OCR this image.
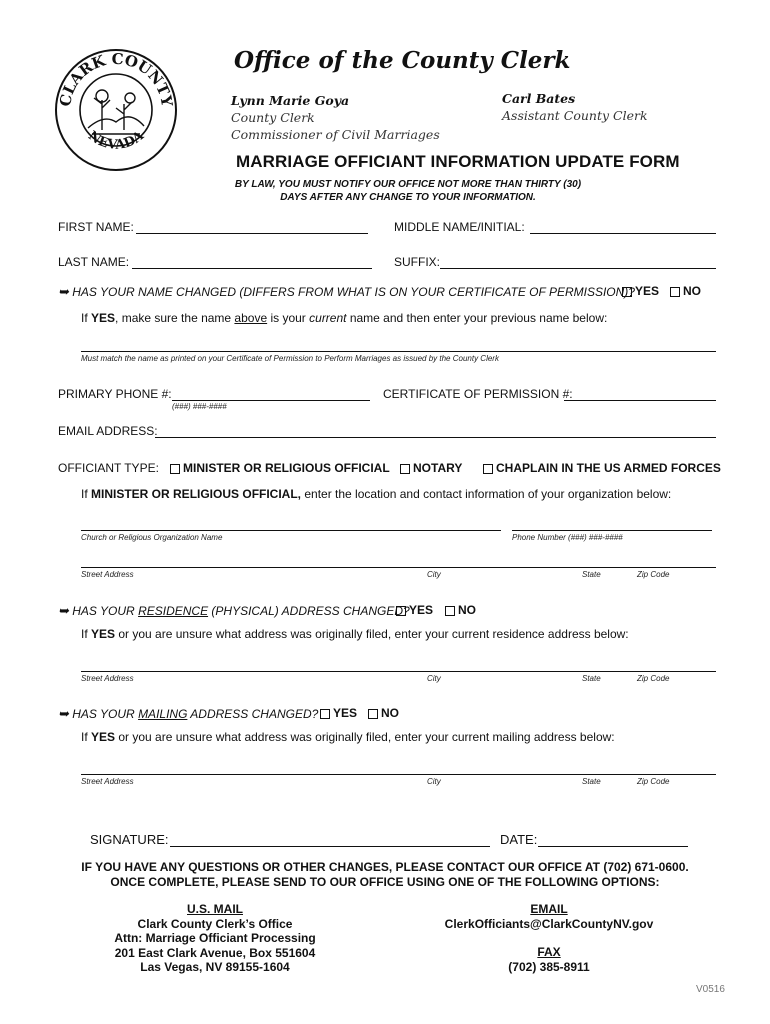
CLARK COUNTY
NEVADA
Office of the County Clerk
Lynn Marie Goya
County Clerk
Commissioner of Civil Marriages
Carl Bates
Assistant County Clerk
MARRIAGE OFFICIANT INFORMATION UPDATE FORM
BY LAW, YOU MUST NOTIFY OUR OFFICE NOT MORE THAN THIRTY (30)
DAYS AFTER ANY CHANGE TO YOUR INFORMATION.
FIRST NAME:	MIDDLE NAME/INITIAL:
LAST NAME:	SUFFIX:
➥ HAS YOUR NAME CHANGED (DIFFERS FROM WHAT IS ON YOUR CERTIFICATE OF PERMISSION)? YES	NO
If YES, make sure the name above is your current name and then enter your previous name below:
Must match the name as printed on your Certificate of Permission to Perform Marriages as issued by the County Clerk
PRIMARY PHONE #:
(###) ###-####
CERTIFICATE OF PERMISSION #:
EMAIL ADDRESS:
OFFICIANT TYPE:	MINISTER OR RELIGIOUS OFFICIAL	NOTARY	CHAPLAIN IN THE US ARMED FORCES
If MINISTER OR RELIGIOUS OFFICIAL, enter the location and contact information of your organization below:
Church or Religious Organization Name	Phone Number (###) ###-####
Street Address	City	State	Zip Code
➥ HAS YOUR RESIDENCE (PHYSICAL) ADDRESS CHANGED? YES	NO
If YES or you are unsure what address was originally filed, enter your current residence address below:
Street Address	City	State	Zip Code
➥ HAS YOUR MAILING ADDRESS CHANGED?	YES	NO
If YES or you are unsure what address was originally filed, enter your current mailing address below:
Street Address	City	State	Zip Code
SIGNATURE:	DATE:
IF YOU HAVE ANY QUESTIONS OR OTHER CHANGES, PLEASE CONTACT OUR OFFICE AT (702) 671-0600.
ONCE COMPLETE, PLEASE SEND TO OUR OFFICE USING ONE OF THE FOLLOWING OPTIONS:
U.S. MAIL
Clark County Clerk’s Office
Attn: Marriage Officiant Processing
201 East Clark Avenue, Box 551604
Las Vegas, NV 89155-1604
EMAIL
ClerkOfficiants@ClarkCountyNV.gov
FAX
(702) 385-8911
V0516
